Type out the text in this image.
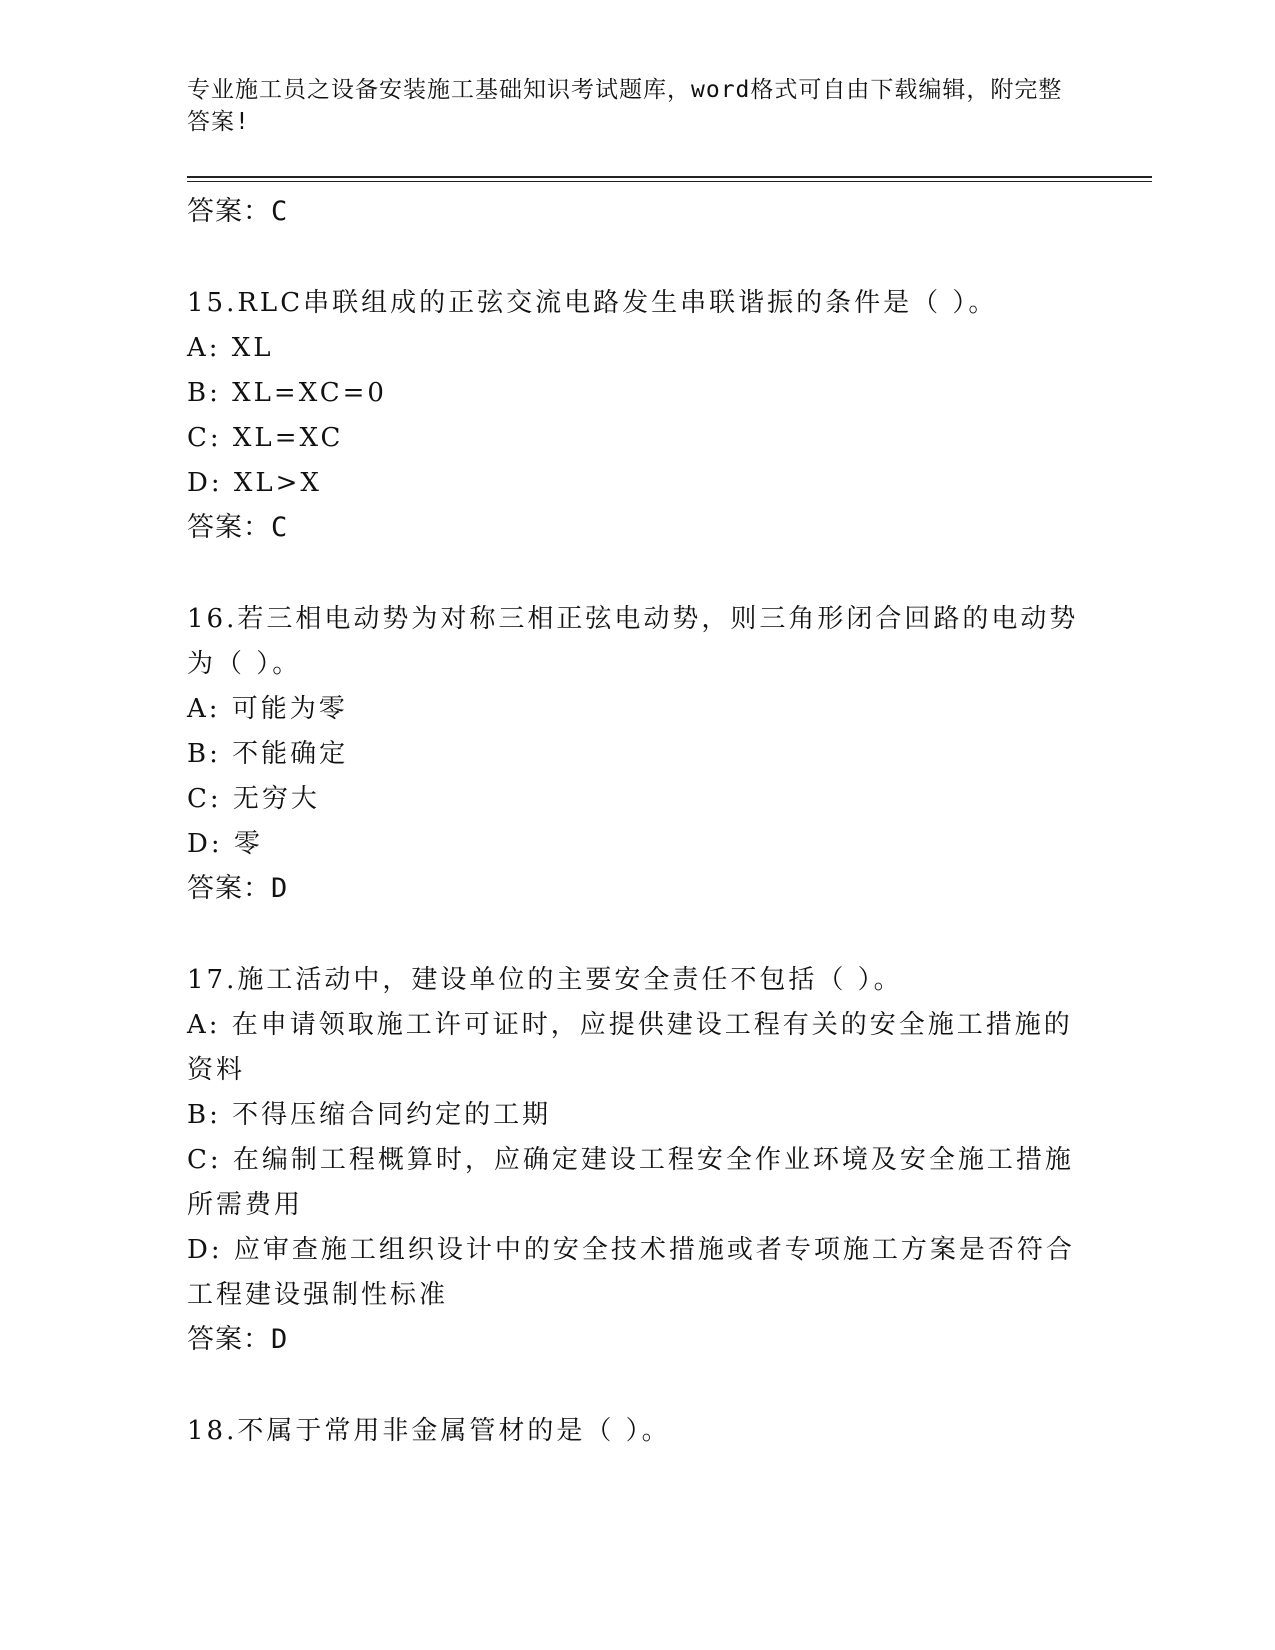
专业施工员之设备安装施工基础知识考试题库，word格式可自由下载编辑，附完整答案!
答案：C
15.RLC串联组成的正弦交流电路发生串联谐振的条件是（ ）。
A: XL
B: XL=XC=0
C: XL=XC
D: XL>X
答案：C
16.若三相电动势为对称三相正弦电动势，则三角形闭合回路的电动势为（ ）。
A: 可能为零
B: 不能确定
C: 无穷大
D: 零
答案：D
17.施工活动中，建设单位的主要安全责任不包括（ ）。
A: 在申请领取施工许可证时，应提供建设工程有关的安全施工措施的资料
B: 不得压缩合同约定的工期
C: 在编制工程概算时，应确定建设工程安全作业环境及安全施工措施所需费用
D: 应审查施工组织设计中的安全技术措施或者专项施工方案是否符合工程建设强制性标准
答案：D
18.不属于常用非金属管材的是（ ）。
